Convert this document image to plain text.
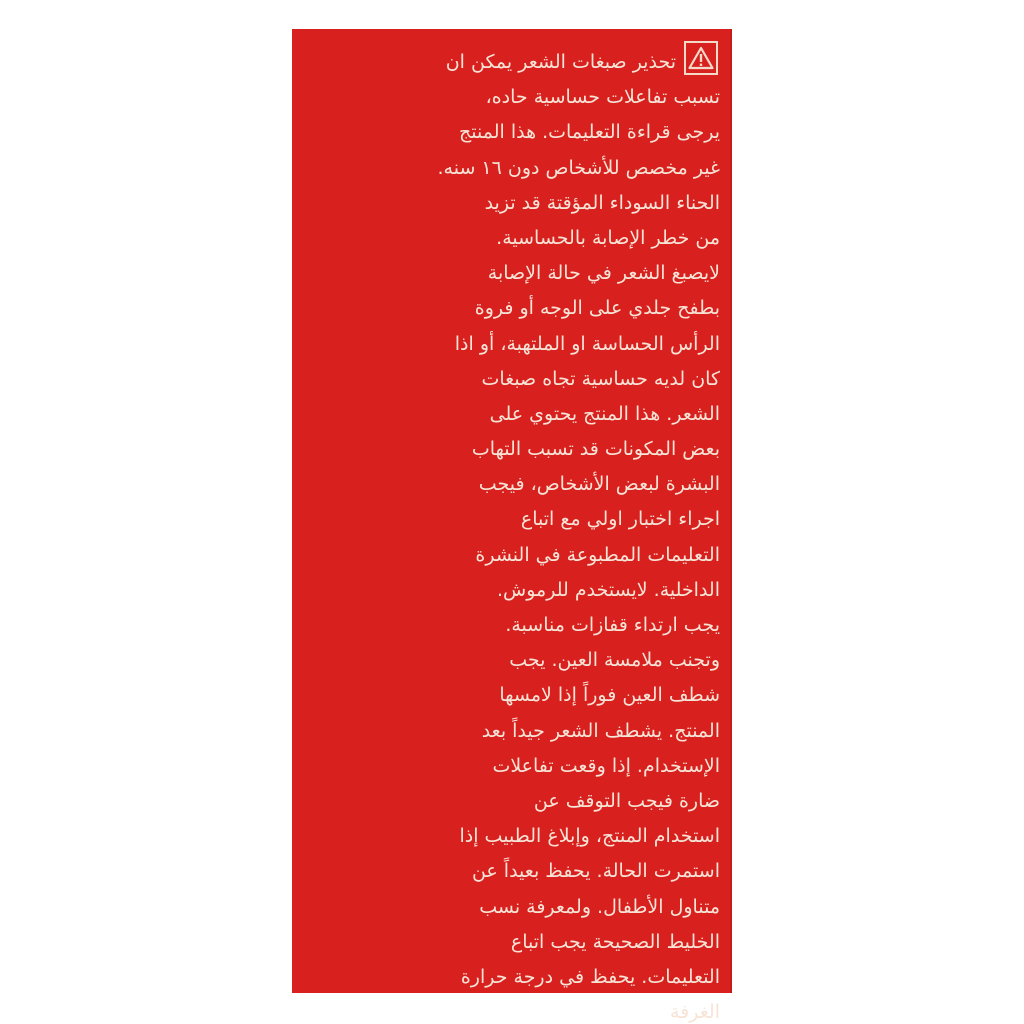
تحذير صبغات الشعر يمكن ان
تسبب تفاعلات حساسية حاده،
يرجى قراءة التعليمات. هذا المنتج
غير مخصص للأشخاص دون ١٦ سنه.
الحناء السوداء المؤقتة قد تزيد
من خطر الإصابة بالحساسية.
لايصبغ الشعر في حالة الإصابة
بطفح جلدي على الوجه أو فروة
الرأس الحساسة او الملتهبة، أو اذا
كان لديه حساسية تجاه صبغات
الشعر. هذا المنتج يحتوي على
بعض المكونات قد تسبب التهاب
البشرة لبعض الأشخاص، فيجب
اجراء اختبار اولي مع اتباع
التعليمات المطبوعة في النشرة
الداخلية. لايستخدم للرموش.
يجب ارتداء قفازات مناسبة.
وتجنب ملامسة العين. يجب
شطف العين فوراً إذا لامسها
المنتج. يشطف الشعر جيداً بعد
الإستخدام. إذا وقعت تفاعلات
ضارة فيجب التوقف عن
استخدام المنتج، وإبلاغ الطبيب إذا
استمرت الحالة. يحفظ بعيداً عن
متناول الأطفال. ولمعرفة نسب
الخليط الصحيحة يجب اتباع
التعليمات. يحفظ في درجة حرارة
الغرفة
